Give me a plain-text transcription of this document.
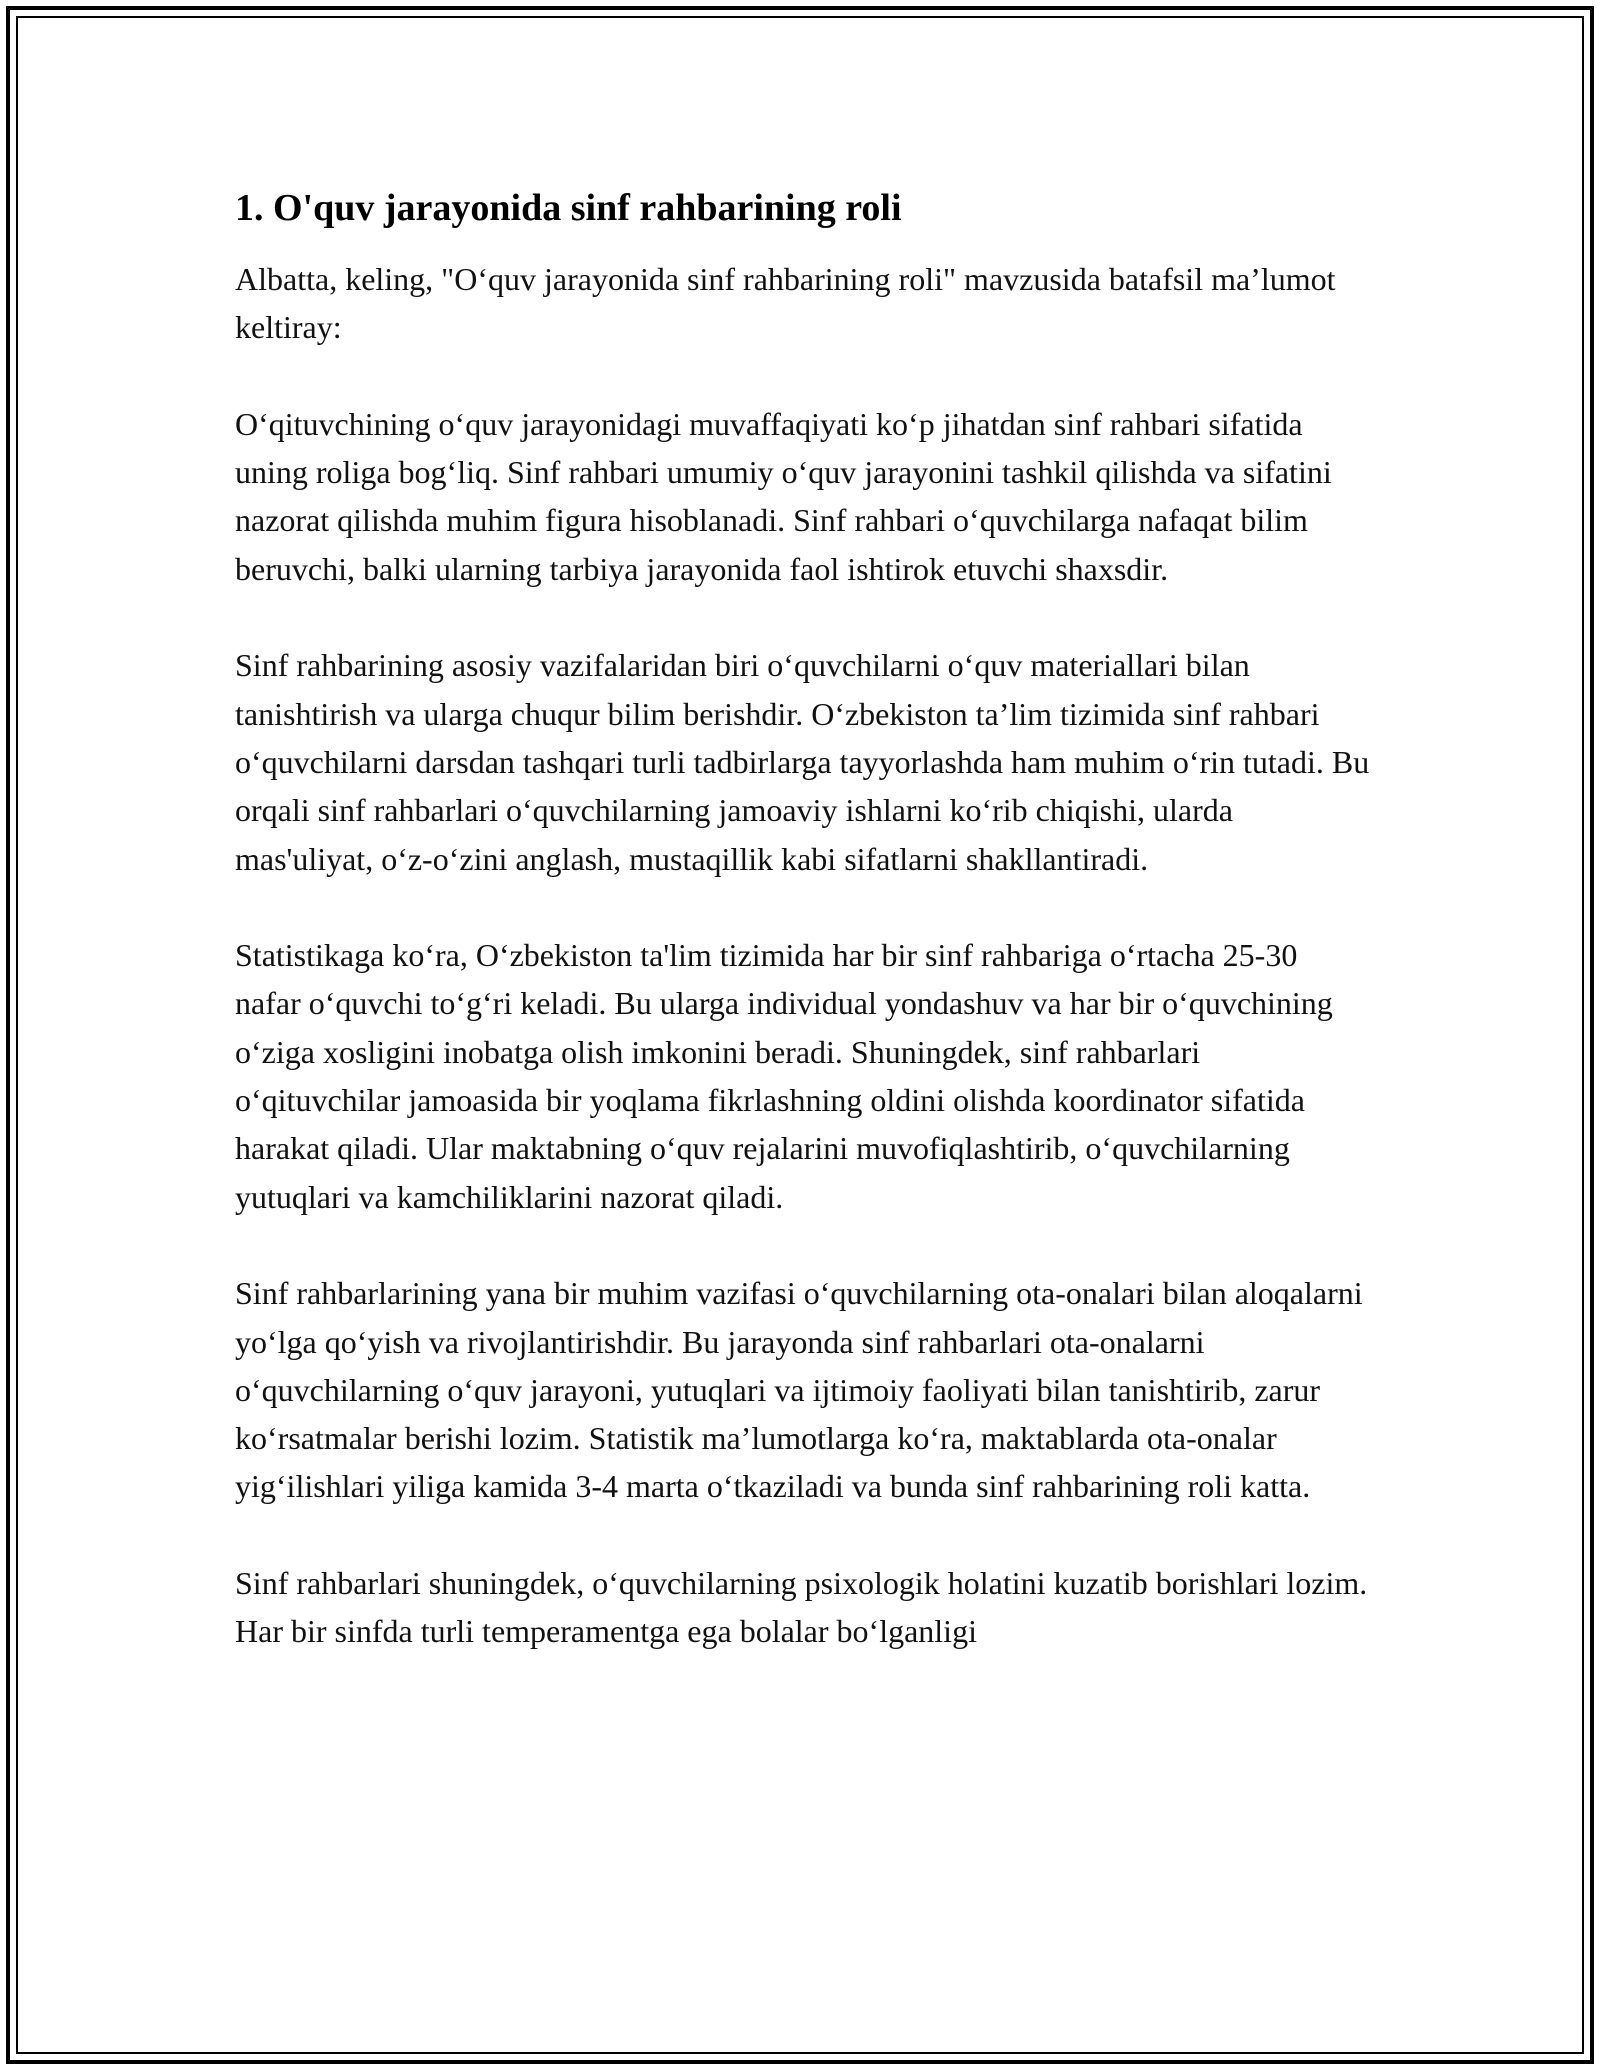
1. O'quv jarayonida sinf rahbarining roli

Albatta, keling, "O‘quv jarayonida sinf rahbarining roli" mavzusida batafsil ma’lumot keltiray:

O‘qituvchining o‘quv jarayonidagi muvaffaqiyati ko‘p jihatdan sinf rahbari sifatida uning roliga bog‘liq. Sinf rahbari umumiy o‘quv jarayonini tashkil qilishda va sifatini nazorat qilishda muhim figura hisoblanadi. Sinf rahbari o‘quvchilarga nafaqat bilim beruvchi, balki ularning tarbiya jarayonida faol ishtirok etuvchi shaxsdir.

Sinf rahbarining asosiy vazifalaridan biri o‘quvchilarni o‘quv materiallari bilan tanishtirish va ularga chuqur bilim berishdir. O‘zbekiston ta’lim tizimida sinf rahbari o‘quvchilarni darsdan tashqari turli tadbirlarga tayyorlashda ham muhim o‘rin tutadi. Bu orqali sinf rahbarlari o‘quvchilarning jamoaviy ishlarni ko‘rib chiqishi, ularda mas'uliyat, o‘z-o‘zini anglash, mustaqillik kabi sifatlarni shakllantiradi.

Statistikaga ko‘ra, O‘zbekiston ta'lim tizimida har bir sinf rahbariga o‘rtacha 25-30 nafar o‘quvchi to‘g‘ri keladi. Bu ularga individual yondashuv va har bir o‘quvchining o‘ziga xosligini inobatga olish imkonini beradi. Shuningdek, sinf rahbarlari o‘qituvchilar jamoasida bir yoqlama fikrlashning oldini olishda koordinator sifatida harakat qiladi. Ular maktabning o‘quv rejalarini muvofiqlashtirib, o‘quvchilarning yutuqlari va kamchiliklarini nazorat qiladi.

Sinf rahbarlarining yana bir muhim vazifasi o‘quvchilarning ota-onalari bilan aloqalarni yo‘lga qo‘yish va rivojlantirishdir. Bu jarayonda sinf rahbarlari ota-onalarni o‘quvchilarning o‘quv jarayoni, yutuqlari va ijtimoiy faoliyati bilan tanishtirib, zarur ko‘rsatmalar berishi lozim. Statistik ma’lumotlarga ko‘ra, maktablarda ota-onalar yig‘ilishlari yiliga kamida 3-4 marta o‘tkaziladi va bunda sinf rahbarining roli katta.

Sinf rahbarlari shuningdek, o‘quvchilarning psixologik holatini kuzatib borishlari lozim. Har bir sinfda turli temperamentga ega bolalar bo‘lganligi
